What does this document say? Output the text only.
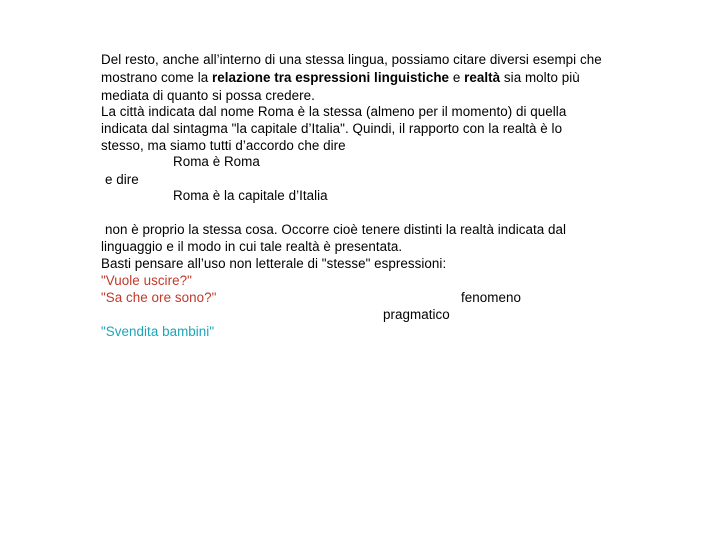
Del resto, anche all’interno di una stessa lingua, possiamo citare diversi esempi che
mostrano come la relazione tra espressioni linguistiche e realtà sia molto più
mediata di quanto si possa credere.
La città indicata dal nome Roma è la stessa (almeno per il momento) di quella
indicata dal sintagma "la capitale d’Italia". Quindi, il rapporto con la realtà è lo
stesso, ma siamo tutti d’accordo che dire
Roma è Roma
e dire
Roma è la capitale d’Italia
non è proprio la stessa cosa. Occorre cioè tenere distinti la realtà indicata dal
linguaggio e il modo in cui tale realtà è presentata.
Basti pensare all’uso non letterale di "stesse" espressioni:
"Vuole uscire?"
"Sa che ore sono?"	fenomeno
pragmatico
"Svendita bambini"
